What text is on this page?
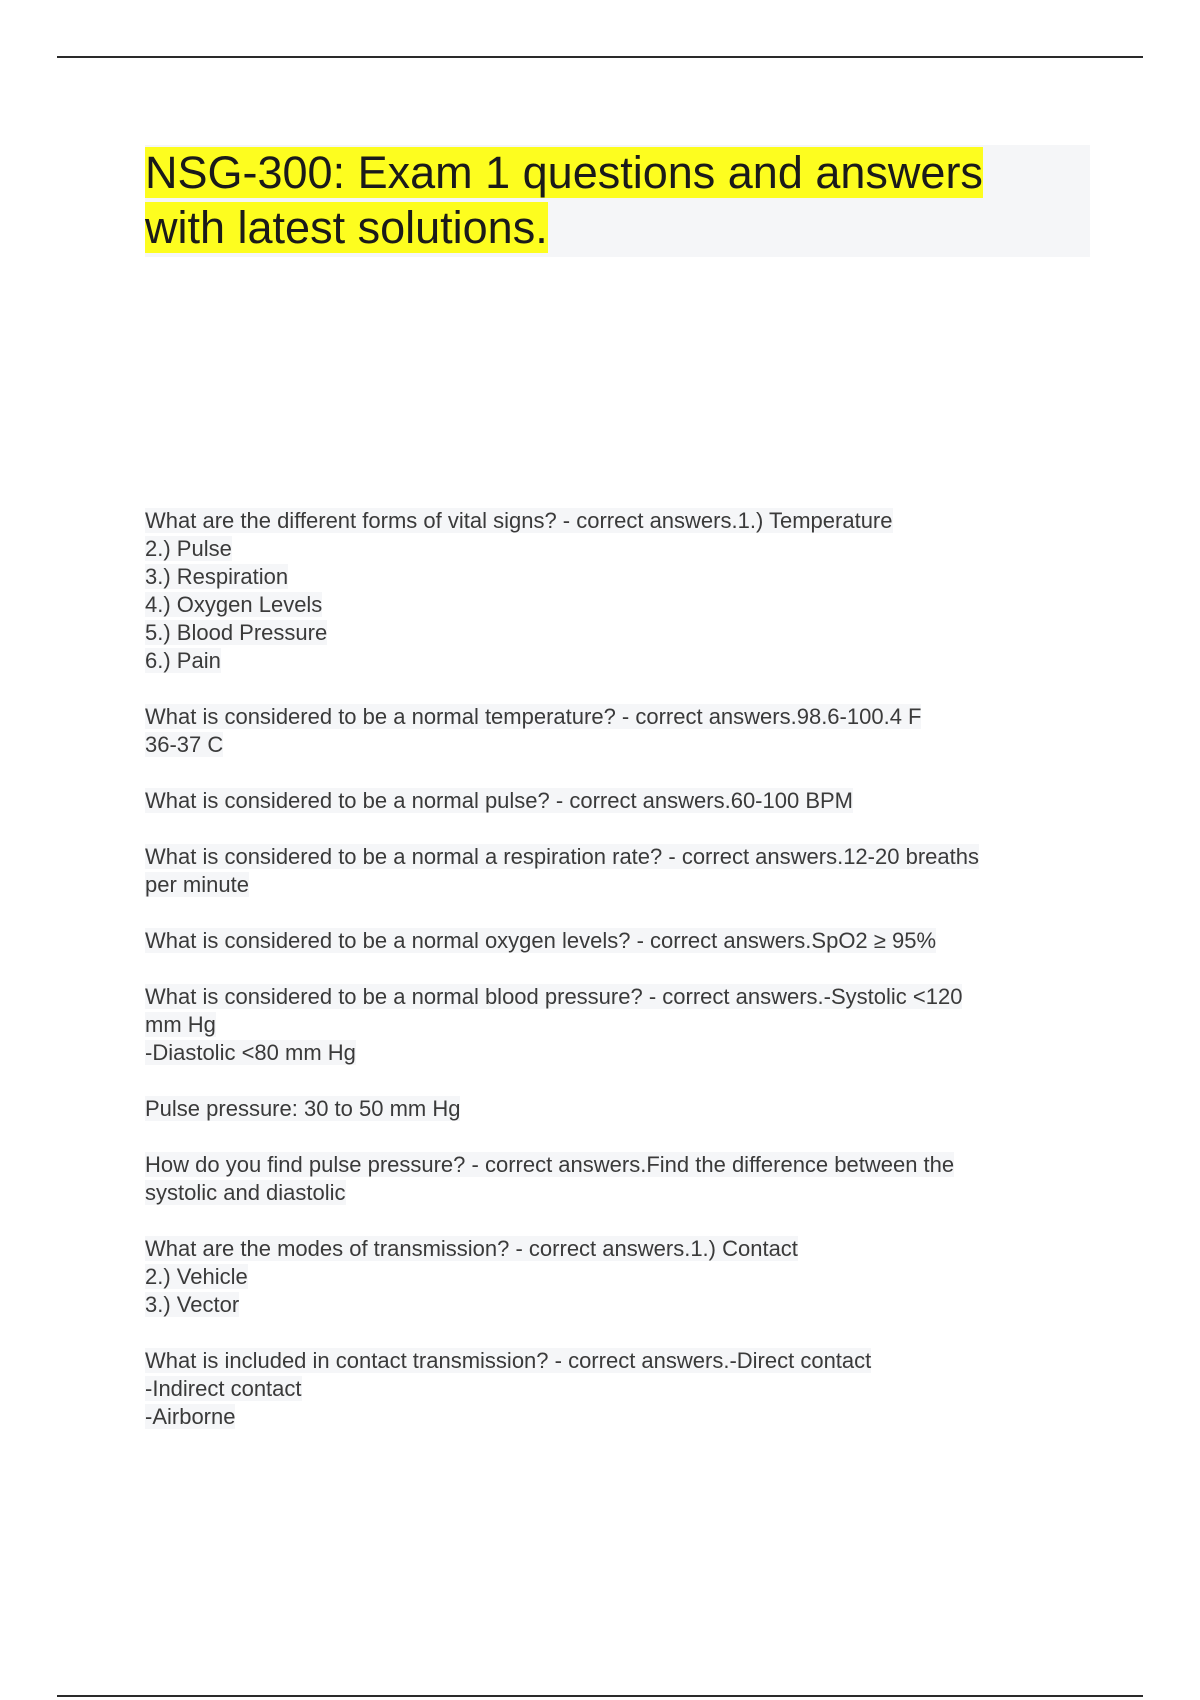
NSG-300: Exam 1 questions and answers
with latest solutions.
What are the different forms of vital signs? - correct answers.1.) Temperature
2.) Pulse
3.) Respiration
4.) Oxygen Levels
5.) Blood Pressure
6.) Pain
What is considered to be a normal temperature? - correct answers.98.6-100.4 F
36-37 C
What is considered to be a normal pulse? - correct answers.60-100 BPM
What is considered to be a normal a respiration rate? - correct answers.12-20 breaths
per minute
What is considered to be a normal oxygen levels? - correct answers.SpO2 ≥ 95%
What is considered to be a normal blood pressure? - correct answers.-Systolic <120
mm Hg
-Diastolic <80 mm Hg
Pulse pressure: 30 to 50 mm Hg
How do you find pulse pressure? - correct answers.Find the difference between the
systolic and diastolic
What are the modes of transmission? - correct answers.1.) Contact
2.) Vehicle
3.) Vector
What is included in contact transmission? - correct answers.-Direct contact
-Indirect contact
-Airborne
